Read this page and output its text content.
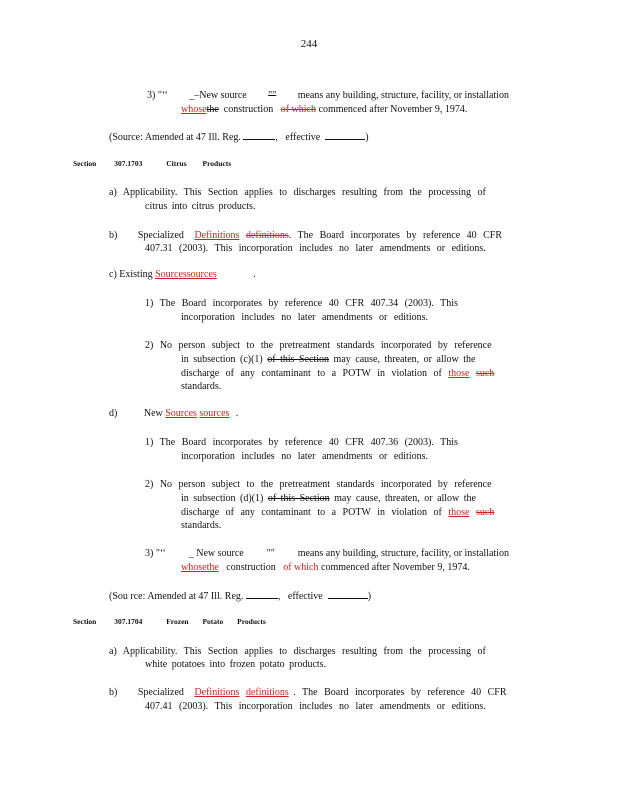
244
3) "‘‘ _–New source "" means any building, structure, facility, or installation
whosethe construction of which commenced after November 9, 1974.
(Source: Amended at 47 Ill. Reg.	, effective	)
Section 307.1703	Citrus Products
a) Applicability. This Section applies to discharges resulting from the processing of
citrus into citrus products.
b) Specialized Definitions definitions. The Board incorporates by reference 40 CFR
407.31 (2003). This incorporation includes no later amendments or editions.
c) Existing Sourcessources	.
1) The Board incorporates by reference 40 CFR 407.34 (2003). This
incorporation includes no later amendments or editions.
2) No person subject to the pretreatment standards incorporated by reference
in subsection (c)(1) of this Section may cause, threaten, or allow the
discharge of any contaminant to a POTW in violation of those such
standards.
d)	New Sources sources .
1) The Board incorporates by reference 40 CFR 407.36 (2003). This
incorporation includes no later amendments or editions.
2) No person subject to the pretreatment standards incorporated by reference
in subsection (d)(1) of this Section may cause, threaten, or allow the
discharge of any contaminant to a POTW in violation of those such
standards.
3) "‘‘ _ New source "" means any building, structure, facility, or installation
whosethe construction of which commenced after November 9, 1974.
(Sou rce: Amended at 47 Ill. Reg.	, effective	)
Section 307.1704	Frozen Potato Products
a) Applicability. This Section applies to discharges resulting from the processing of
white potatoes into frozen potato products.
b) Specialized Definitions definitions . The Board incorporates by reference 40 CFR
407.41 (2003). This incorporation includes no later amendments or editions.
